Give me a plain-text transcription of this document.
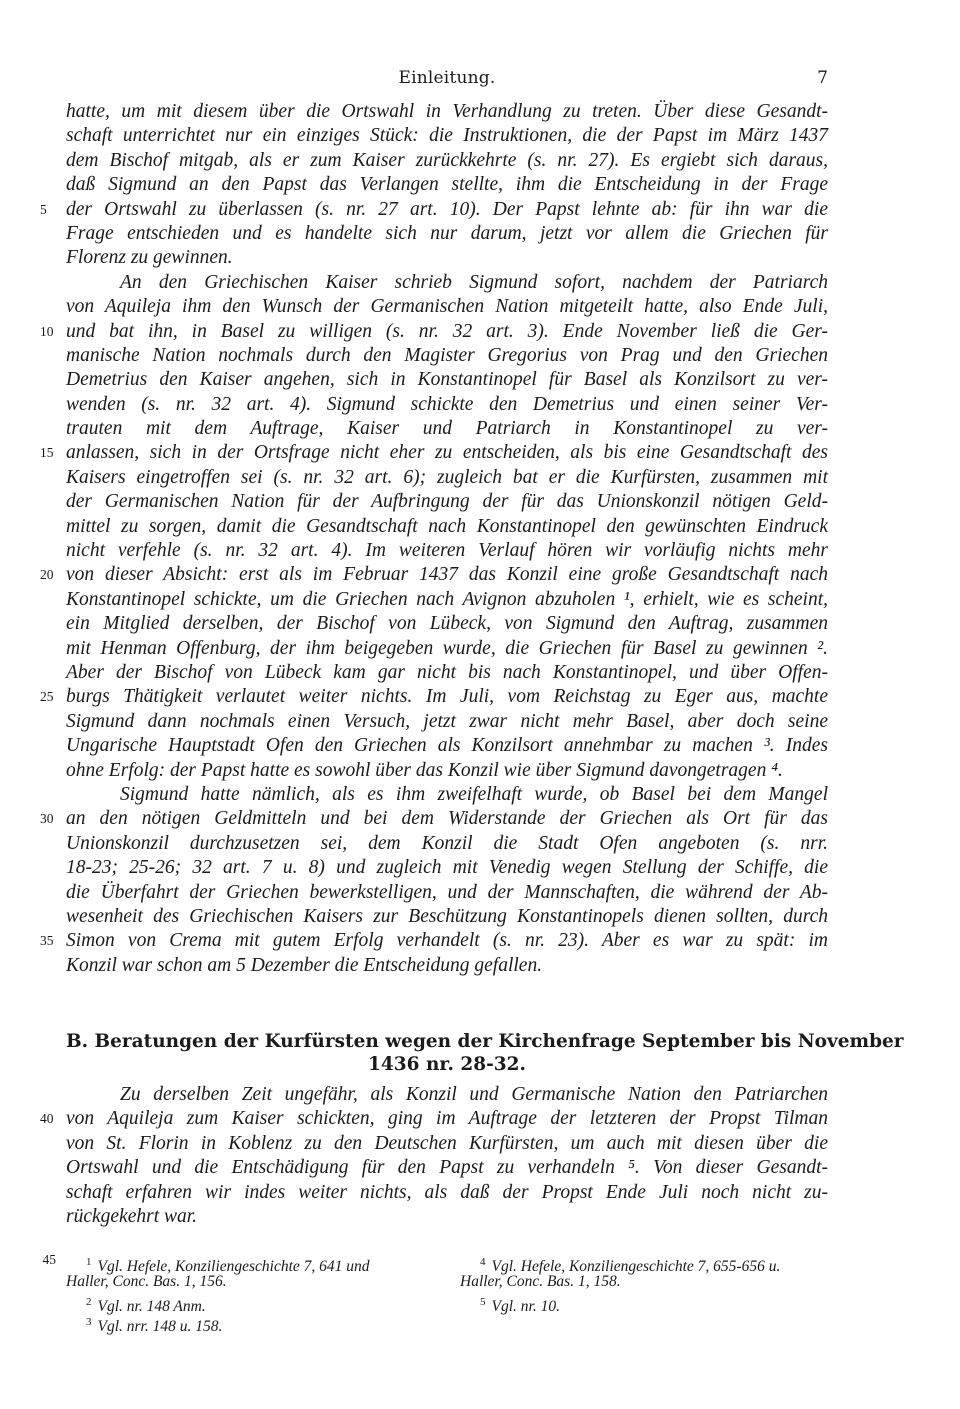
Einleitung.	7
hatte, um mit diesem über die Ortswahl in Verhandlung zu treten. Über diese Gesandt-
schaft unterrichtet nur ein einziges Stück: die Instruktionen, die der Papst im März 1437
dem Bischof mitgab, als er zum Kaiser zurückkehrte (s. nr. 27). Es ergiebt sich daraus,
daß Sigmund an den Papst das Verlangen stellte, ihm die Entscheidung in der Frage
5 der Ortswahl zu überlassen (s. nr. 27 art. 10). Der Papst lehnte ab: für ihn war die
Frage entschieden und es handelte sich nur darum, jetzt vor allem die Griechen für
Florenz zu gewinnen.
An den Griechischen Kaiser schrieb Sigmund sofort, nachdem der Patriarch
von Aquileja ihm den Wunsch der Germanischen Nation mitgeteilt hatte, also Ende Juli,
10 und bat ihn, in Basel zu willigen (s. nr. 32 art. 3). Ende November ließ die Ger-
manische Nation nochmals durch den Magister Gregorius von Prag und den Griechen
Demetrius den Kaiser angehen, sich in Konstantinopel für Basel als Konzilsort zu ver-
wenden (s. nr. 32 art. 4). Sigmund schickte den Demetrius und einen seiner Ver-
trauten mit dem Auftrage, Kaiser und Patriarch in Konstantinopel zu ver-
15 anlassen, sich in der Ortsfrage nicht eher zu entscheiden, als bis eine Gesandtschaft des
Kaisers eingetroffen sei (s. nr. 32 art. 6); zugleich bat er die Kurfürsten, zusammen mit
der Germanischen Nation für der Aufbringung der für das Unionskonzil nötigen Geld-
mittel zu sorgen, damit die Gesandtschaft nach Konstantinopel den gewünschten Eindruck
nicht verfehle (s. nr. 32 art. 4). Im weiteren Verlauf hören wir vorläufig nichts mehr
20 von dieser Absicht: erst als im Februar 1437 das Konzil eine große Gesandtschaft nach
Konstantinopel schickte, um die Griechen nach Avignon abzuholen ¹, erhielt, wie es scheint,
ein Mitglied derselben, der Bischof von Lübeck, von Sigmund den Auftrag, zusammen
mit Henman Offenburg, der ihm beigegeben wurde, die Griechen für Basel zu gewinnen ².
Aber der Bischof von Lübeck kam gar nicht bis nach Konstantinopel, und über Offen-
25 burgs Thätigkeit verlautet weiter nichts. Im Juli, vom Reichstag zu Eger aus, machte
Sigmund dann nochmals einen Versuch, jetzt zwar nicht mehr Basel, aber doch seine
Ungarische Hauptstadt Ofen den Griechen als Konzilsort annehmbar zu machen ³. Indes
ohne Erfolg: der Papst hatte es sowohl über das Konzil wie über Sigmund davongetragen ⁴.
Sigmund hatte nämlich, als es ihm zweifelhaft wurde, ob Basel bei dem Mangel
30 an den nötigen Geldmitteln und bei dem Widerstande der Griechen als Ort für das
Unionskonzil durchzusetzen sei, dem Konzil die Stadt Ofen angeboten (s. nrr.
18-23; 25-26; 32 art. 7 u. 8) und zugleich mit Venedig wegen Stellung der Schiffe, die
die Überfahrt der Griechen bewerkstelligen, und der Mannschaften, die während der Ab-
wesenheit des Griechischen Kaisers zur Beschützung Konstantinopels dienen sollten, durch
35 Simon von Crema mit gutem Erfolg verhandelt (s. nr. 23). Aber es war zu spät: im
Konzil war schon am 5 Dezember die Entscheidung gefallen.
B. Beratungen der Kurfürsten wegen der Kirchenfrage September bis November
1436 nr. 28-32.
Zu derselben Zeit ungefähr, als Konzil und Germanische Nation den Patriarchen
40 von Aquileja zum Kaiser schickten, ging im Auftrage der letzteren der Propst Tilman
von St. Florin in Koblenz zu den Deutschen Kurfürsten, um auch mit diesen über die
Ortswahl und die Entschädigung für den Papst zu verhandeln ⁵. Von dieser Gesandt-
schaft erfahren wir indes weiter nichts, als daß der Propst Ende Juli noch nicht zu-
rückgekehrt war.
45	$^1$ Vgl. Hefele, Konziliengeschichte 7, 641 und
Haller, Conc. Bas. 1, 156.
$^2$ Vgl. nr. 148 Anm.
$^3$ Vgl. nrr. 148 u. 158.
$^4$ Vgl. Hefele, Konziliengeschichte 7, 655-656 u.
Haller, Conc. Bas. 1, 158.
$^5$ Vgl. nr. 10.
